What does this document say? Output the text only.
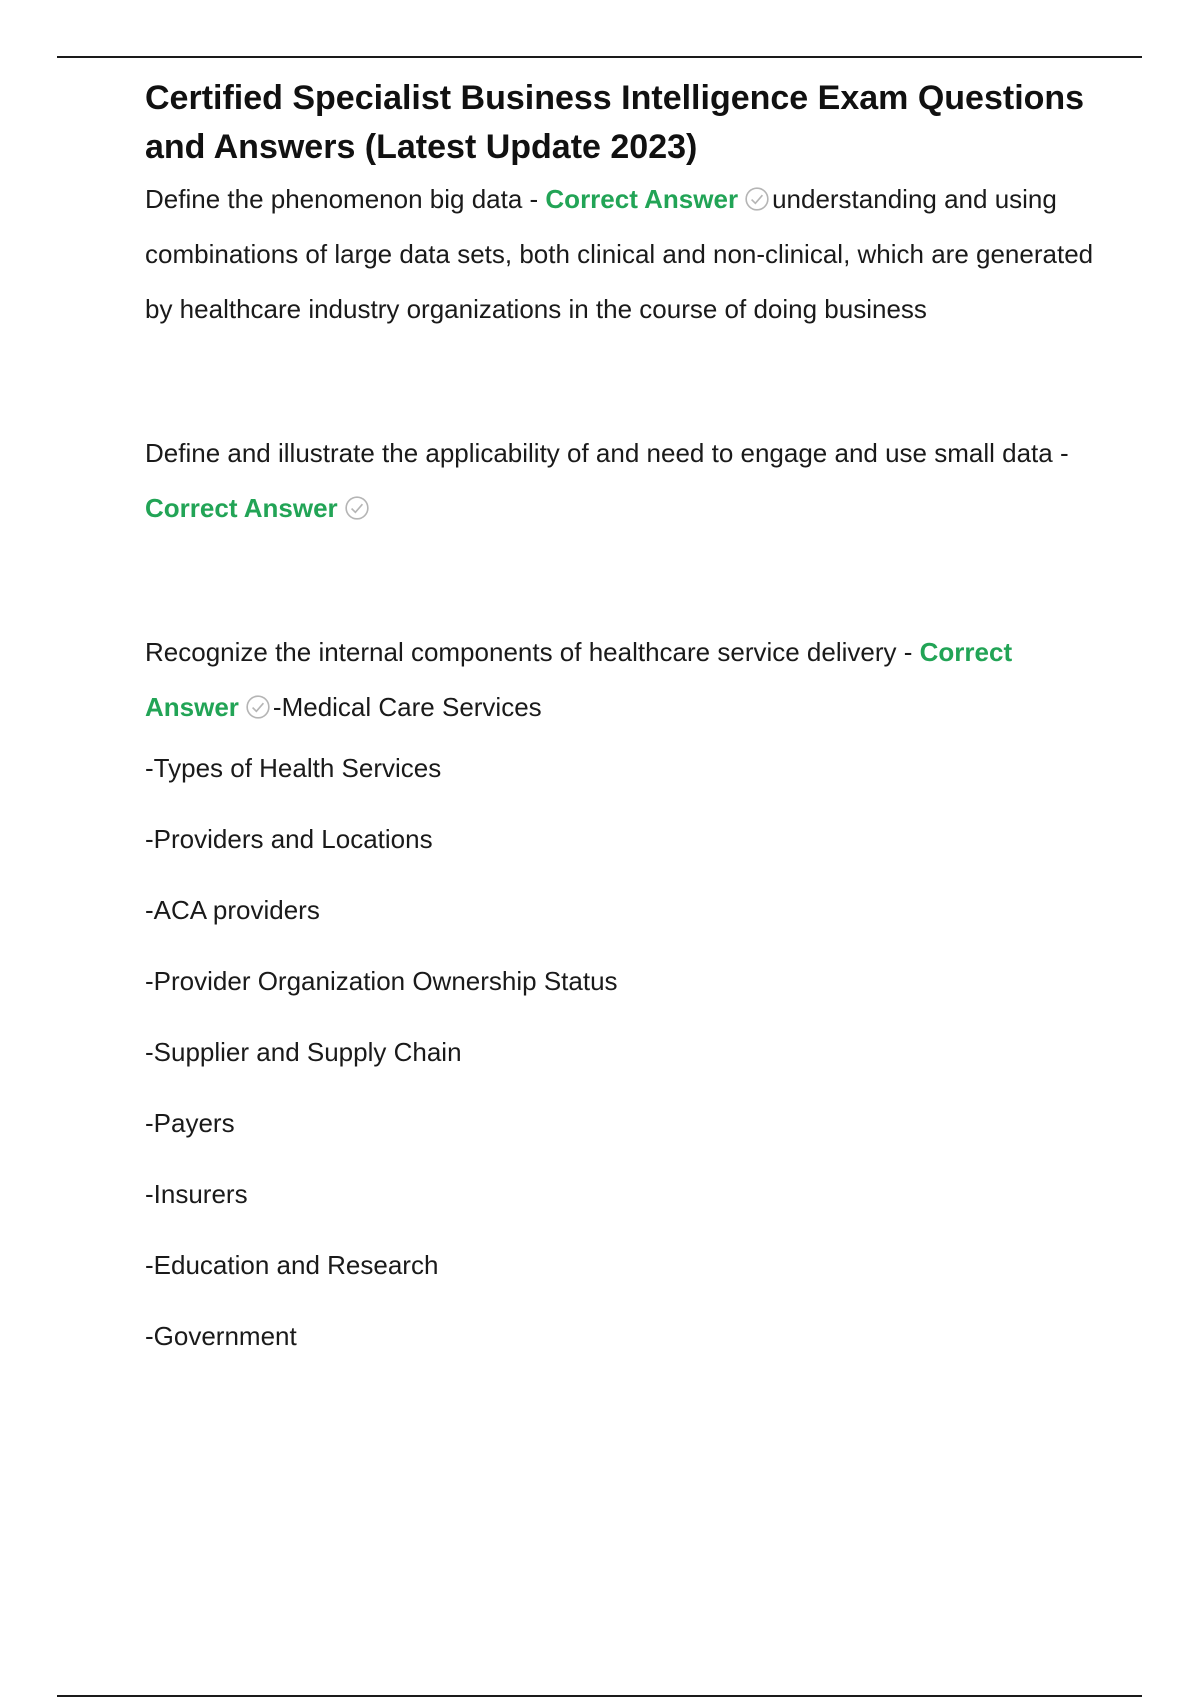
Certified Specialist Business Intelligence Exam Questions and Answers (Latest Update 2023)

Define the phenomenon big data - Correct Answer understanding and using combinations of large data sets, both clinical and non-clinical, which are generated by healthcare industry organizations in the course of doing business

Define and illustrate the applicability of and need to engage and use small data - Correct Answer

Recognize the internal components of healthcare service delivery - Correct Answer -Medical Care Services

-Types of Health Services
-Providers and Locations
-ACA providers
-Provider Organization Ownership Status
-Supplier and Supply Chain
-Payers
-Insurers
-Education and Research
-Government
